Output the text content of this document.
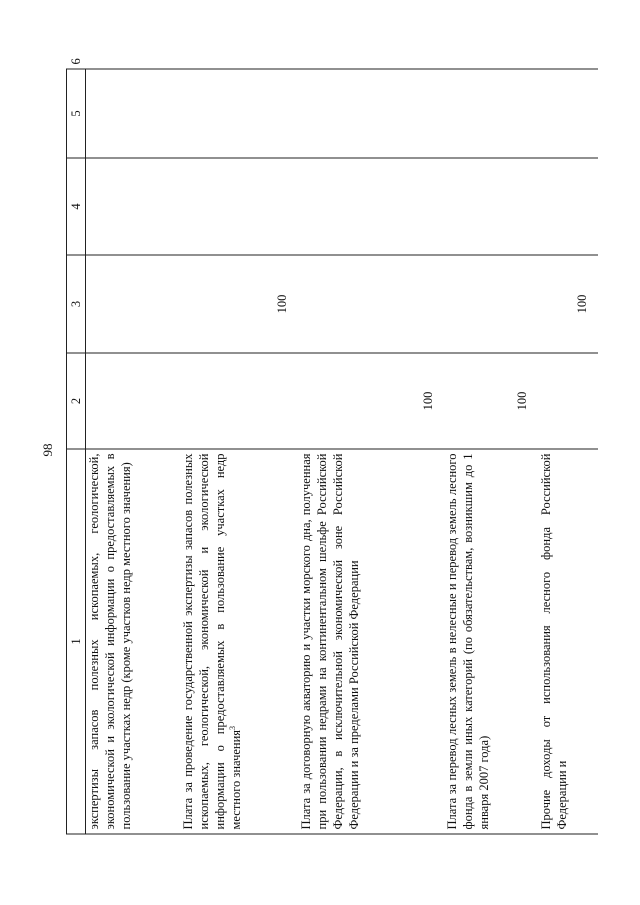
98
1	2	3	4	5	6

экспертизы запасов полезных ископаемых, геологической, экономической и экологической информации о предоставляемых в пользование участках недр (кроме участков недр местного значения)					

Плата за проведение государственной экспертизы запасов полезных ископаемых, геологической, экономической и экологической информации о предоставляемых в пользование участках недр местного значения$^3$		100			

Плата за договорную акваторию и участки морского дна, полученная при пользовании недрами на континентальном шельфе Российской Федерации, в исключительной экономической зоне Российской Федерации и за пределами Российской Федерации	100				

Плата за перевод лесных земель в нелесные и перевод земель лесного фонда в земли иных категорий (по обязательствам, возникшим до 1 января 2007 года)	100				

Прочие доходы от использования лесного фонда Российской Федерации и		100			
